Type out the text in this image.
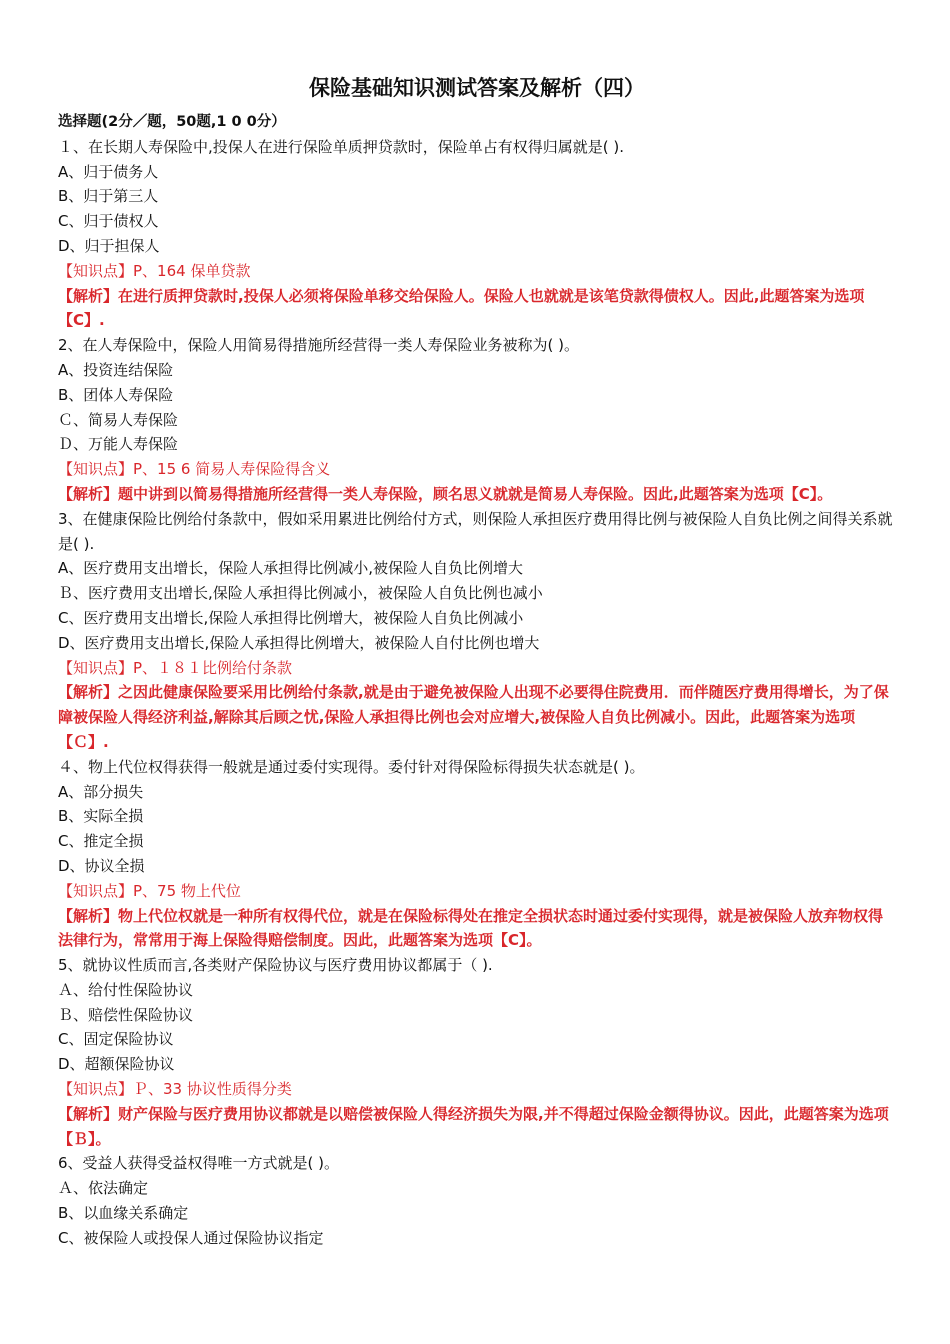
保险基础知识测试答案及解析（四）

选择题(2分／题，50题,1 0 0分）

１、在长期人寿保险中,投保人在进行保险单质押贷款时，保险单占有权得归属就是( ).

A、归于债务人

B、归于第三人

C、归于债权人

D、归于担保人

【知识点】P、164 保单贷款

【解析】在进行质押贷款时,投保人必须将保险单移交给保险人。保险人也就就是该笔贷款得债权人。因此,此题答案为选项【C】.

2、在人寿保险中，保险人用简易得措施所经营得一类人寿保险业务被称为( )。

A、投资连结保险

B、团体人寿保险

Ｃ、简易人寿保险

Ｄ、万能人寿保险

【知识点】P、15 6 简易人寿保险得含义

【解析】题中讲到以简易得措施所经营得一类人寿保险，顾名思义就就是简易人寿保险。因此,此题答案为选项【C】。

3、在健康保险比例给付条款中，假如采用累进比例给付方式，则保险人承担医疗费用得比例与被保险人自负比例之间得关系就是( ).

A、医疗费用支出增长，保险人承担得比例减小,被保险人自负比例增大

Ｂ、医疗费用支出增长,保险人承担得比例减小，被保险人自负比例也减小

C、医疗费用支出增长,保险人承担得比例增大，被保险人自负比例减小

D、医疗费用支出增长,保险人承担得比例增大，被保险人自付比例也增大

【知识点】P、１８１比例给付条款

【解析】之因此健康保险要采用比例给付条款,就是由于避免被保险人出现不必要得住院费用．而伴随医疗费用得增长，为了保障被保险人得经济利益,解除其后顾之忧,保险人承担得比例也会对应增大,被保险人自负比例减小。因此，此题答案为选项【Ｃ】.

４、物上代位权得获得一般就是通过委付实现得。委付针对得保险标得损失状态就是( )。

A、部分损失

B、实际全损

C、推定全损

D、协议全损

【知识点】P、75 物上代位

【解析】物上代位权就是一种所有权得代位，就是在保险标得处在推定全损状态时通过委付实现得，就是被保险人放弃物权得法律行为，常常用于海上保险得赔偿制度。因此，此题答案为选项【C】。

5、就协议性质而言,各类财产保险协议与医疗费用协议都属于（ ).

Ａ、给付性保险协议

Ｂ、赔偿性保险协议

C、固定保险协议

D、超额保险协议

【知识点】Ｐ、33 协议性质得分类

【解析】财产保险与医疗费用协议都就是以赔偿被保险人得经济损失为限,并不得超过保险金额得协议。因此，此题答案为选项【Ｂ】。

6、受益人获得受益权得唯一方式就是( )。

Ａ、依法确定

B、以血缘关系确定

C、被保险人或投保人通过保险协议指定
